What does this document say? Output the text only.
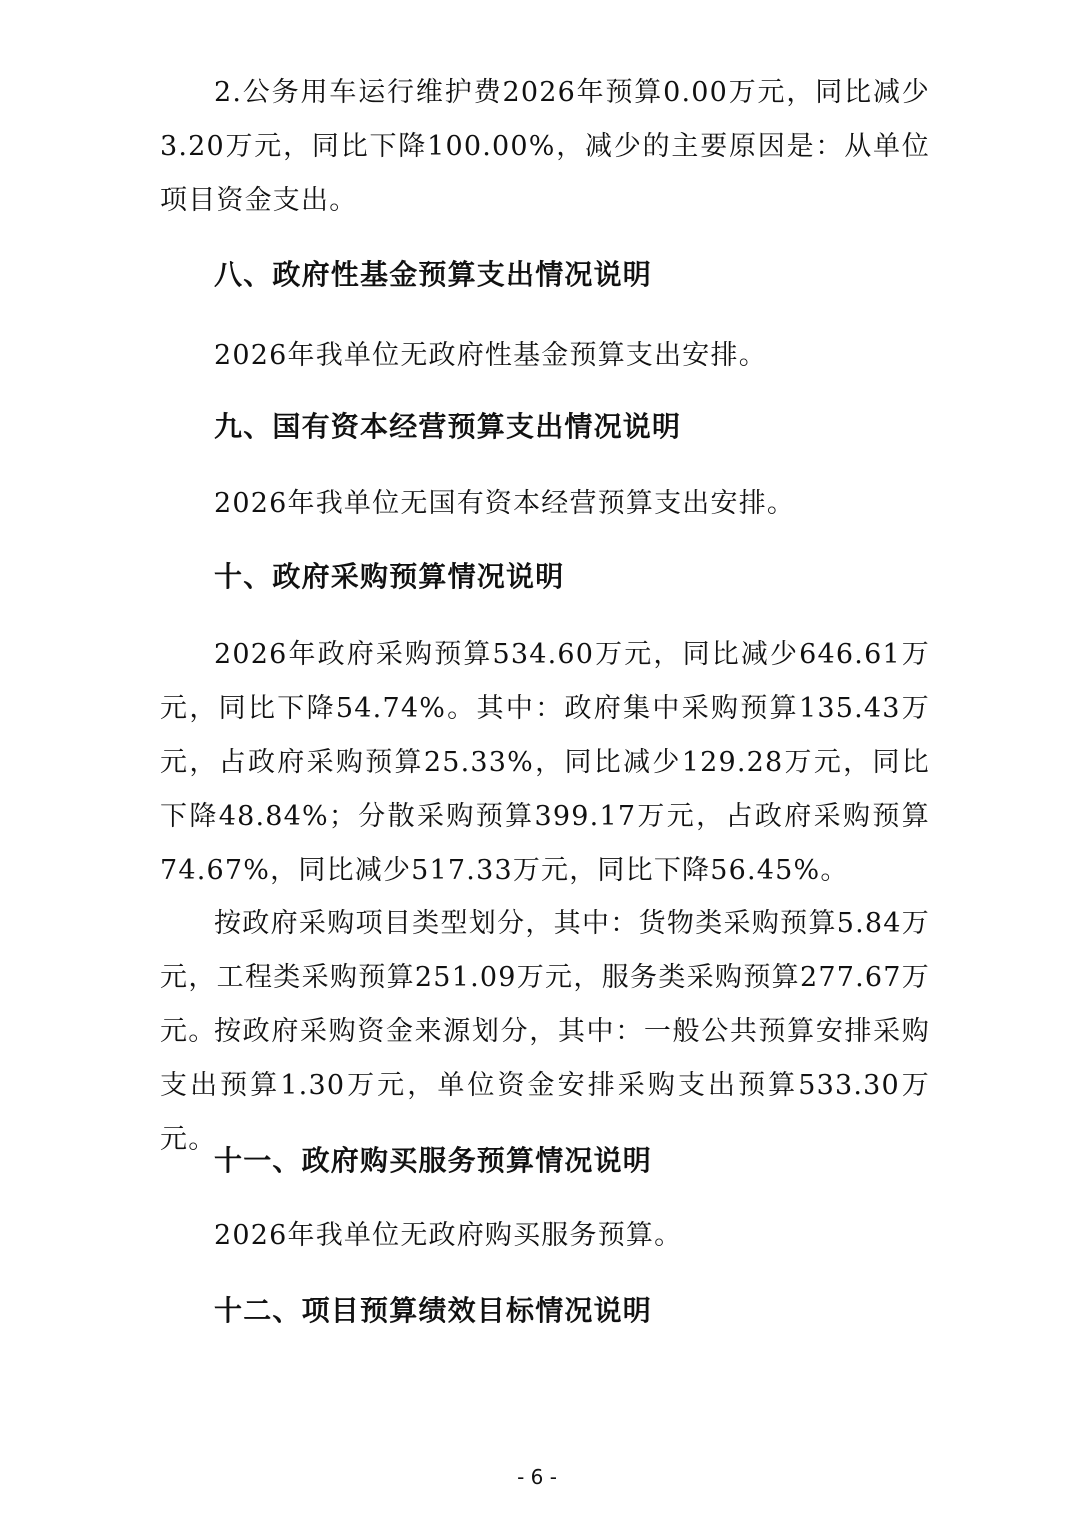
2.公务用车运行维护费2026年预算0.00万元，同比减少3.20万元，同比下降100.00%，减少的主要原因是：从单位项目资金支出。

八、政府性基金预算支出情况说明

2026年我单位无政府性基金预算支出安排。

九、国有资本经营预算支出情况说明

2026年我单位无国有资本经营预算支出安排。

十、政府采购预算情况说明

2026年政府采购预算534.60万元，同比减少646.61万元，同比下降54.74%。其中：政府集中采购预算135.43万元，占政府采购预算25.33%，同比减少129.28万元，同比下降48.84%；分散采购预算399.17万元，占政府采购预算74.67%，同比减少517.33万元，同比下降56.45%。

按政府采购项目类型划分，其中：货物类采购预算5.84万元，工程类采购预算251.09万元，服务类采购预算277.67万元。

按政府采购资金来源划分，其中：一般公共预算安排采购支出预算1.30万元，单位资金安排采购支出预算533.30万元。

十一、政府购买服务预算情况说明

2026年我单位无政府购买服务预算。

十二、项目预算绩效目标情况说明
- 6 -
